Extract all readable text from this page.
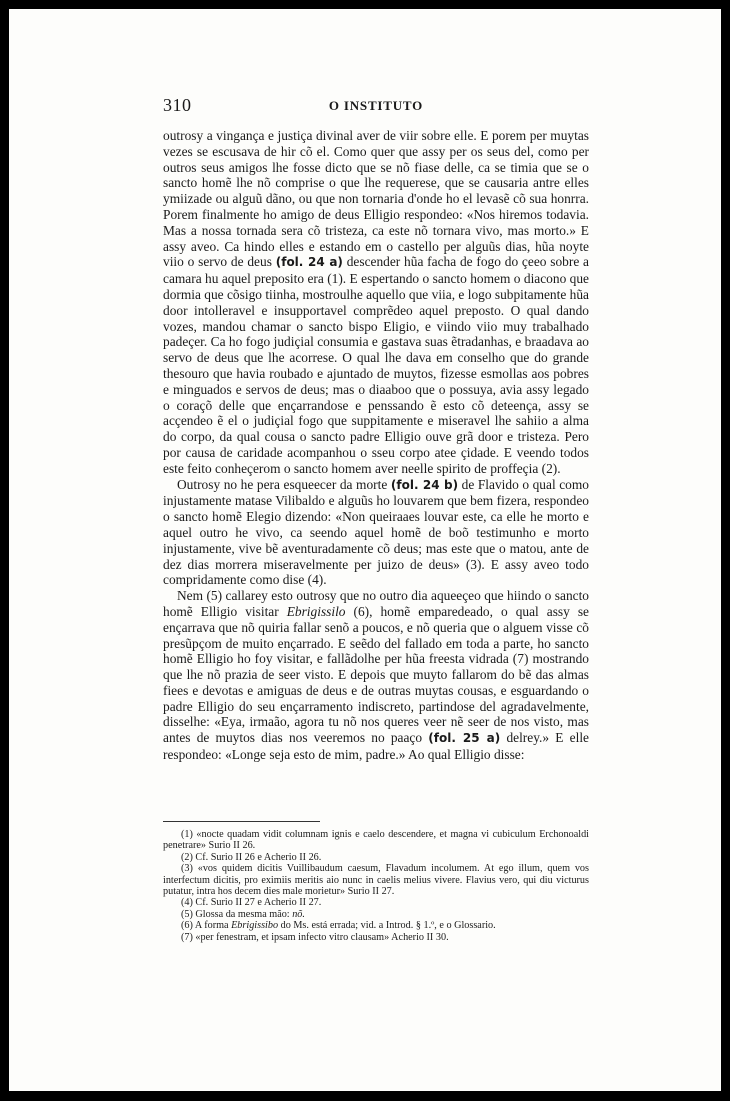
310	O INSTITUTO

outrosy a vingança e justiça divinal aver de viir sobre elle. E porem per muytas vezes se escusava de hir cõ el. Como quer que assy per os seus del, como per outros seus amigos lhe fosse dicto que se nõ fiase delle, ca se timia que se o sancto homẽ lhe nõ comprise o que lhe requerese, que se causaria antre elles ymiizade ou alguũ dãno, ou que non tornaria d'onde ho el levasẽ cõ sua honrra. Porem finalmente ho amigo de deus Elligio respondeo: «Nos hiremos todavia. Mas a nossa tornada sera cõ tristeza, ca este nõ tornara vivo, mas morto.» E assy aveo. Ca hindo elles e estando em o castello per alguũs dias, hũa noyte viio o servo de deus (fol. 24 a) descender hũa facha de fogo do çeeo sobre a camara hu aquel preposito era (1). E espertando o sancto homem o diacono que dormia que cõsigo tiinha, mostroulhe aquello que viia, e logo subpitamente hũa door intolleravel e insupportavel comprẽdeo aquel preposto. O qual dando vozes, mandou chamar o sancto bispo Eligio, e viindo viio muy trabalhado padeçer. Ca ho fogo judiçial consumia e gastava suas ẽtradanhas, e braadava ao servo de deus que lhe acorrese. O qual lhe dava em conselho que do grande thesouro que havia roubado e ajuntado de muytos, fizesse esmollas aos pobres e minguados e servos de deus; mas o diaaboo que o possuya, avia assy legado o coraçõ delle que ençarrandose e penssando ẽ esto cõ deteença, assy se acçendeo ẽ el o judiçial fogo que suppitamente e miseravel lhe sahiio a alma do corpo, da qual cousa o sancto padre Elligio ouve grã door e tristeza. Pero por causa de caridade acompanhou o sseu corpo atee çidade. E veendo todos este feito conheçerom o sancto homem aver neelle spirito de proffeçia (2).

Outrosy no he pera esqueecer da morte (fol. 24 b) de Flavido o qual como injustamente matase Vilibaldo e alguũs ho louvarem que bem fizera, respondeo o sancto homẽ Elegio dizendo: «Non queiraaes louvar este, ca elle he morto e aquel outro he vivo, ca seendo aquel homẽ de boõ testimunho e morto injustamente, vive bẽ aventuradamente cõ deus; mas este que o matou, ante de dez dias morrera miseravelmente per juizo de deus» (3). E assy aveo todo compridamente como dise (4).

Nem (5) callarey esto outrosy que no outro dia aqueeçeo que hiindo o sancto homẽ Elligio visitar Ebrigissilo (6), homẽ emparedeado, o qual assy se ençarrava que nõ quiria fallar senõ a poucos, e nõ queria que o alguem visse cõ presũpçom de muito ençarrado. E seẽdo del fallado em toda a parte, ho sancto homẽ Elligio ho foy visitar, e fallãdolhe per hũa freesta vidrada (7) mostrando que lhe nõ prazia de seer visto. E depois que muyto fallarom do bẽ das almas fiees e devotas e amiguas de deus e de outras muytas cousas, e esguardando o padre Elligio do seu ençarramento indiscreto, partindose del agradavelmente, disselhe: «Eya, irmaão, agora tu nõ nos queres veer nẽ seer de nos visto, mas antes de muytos dias nos veeremos no paaço (fol. 25 a) delrey.» E elle respondeo: «Longe seja esto de mim, padre.» Ao qual Elligio disse:

(1) «nocte quadam vidit columnam ignis e caelo descendere, et magna vi cubiculum Erchonoaldi penetrare» Surio II 26.

(2) Cf. Surio II 26 e Acherio II 26.

(3) «vos quidem dicitis Vuillibaudum caesum, Flavadum incolumem. At ego illum, quem vos interfectum dicitis, pro eximiis meritis aio nunc in caelis melius vivere. Flavius vero, qui diu victurus putatur, intra hos decem dies male morietur» Surio II 27.

(4) Cf. Surio II 27 e Acherio II 27.

(5) Glossa da mesma mão: nõ.

(6) A forma Ebrigissibo do Ms. está errada; vid. a Introd. § 1.º, e o Glossario.

(7) «per fenestram, et ipsam infecto vitro clausam» Acherio II 30.
